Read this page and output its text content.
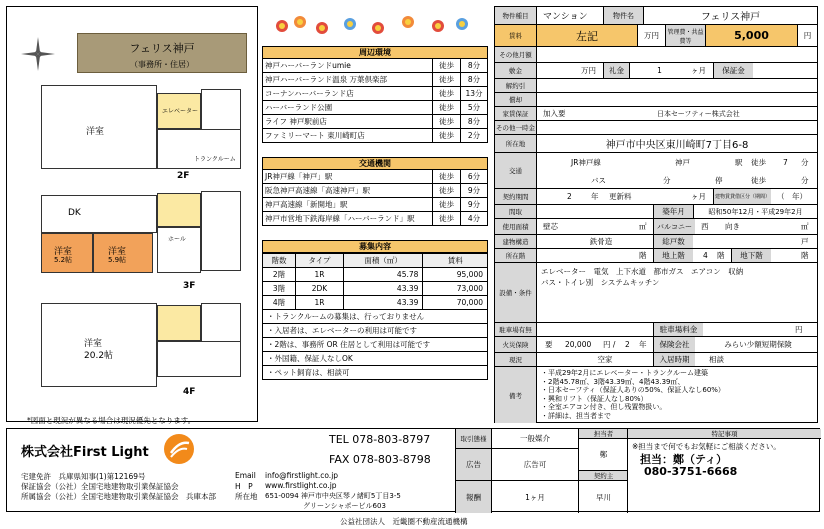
フェリス神戸
（事務所・住居）
洋室
エレベーター
トランクルーム
2F
DK
洋室
5.2帖
洋室
5.9帖
ホール
3F
洋室
20.2帖
4F
*図面と現況が異なる場合は現況優先となります。
周辺環境
神戸ハーバーランドumie	徒歩	8分
神戸ハーバーランド温泉 万葉倶楽部	徒歩	8分
コーナンハーバーランド店	徒歩	13分
ハーバーランド公園	徒歩	5分
ライフ 神戸駅前店	徒歩	8分
ファミリーマート 東川崎町店	徒歩	2分
交通機関
JR神戸線「神戸」駅	徒歩	6分
阪急神戸高速線「高速神戸」駅	徒歩	9分
神戸高速線「新開地」駅	徒歩	9分
神戸市営地下鉄海岸線「ハーバーランド」駅	徒歩	4分
募集内容
階数	タイプ	面積（㎡）	賃料
2階	1R	45.78	95,000
3階	2DK	43.39	73,000
4階	1R	43.39	70,000
・トランクルームの募集は、行っておりません
・入居者は、エレベーターの利用は可能です
・2階は、事務所 OR 住居として利用は可能です
・外国籍、保証人なしOK
・ペット飼育は、相談可
物件種目	マンション	物件名	フェリス神戸
賃料	左記	万円	管理費・共益費等	5,000	円
その他月額
敷金	万円	礼金	1	ヶ月	保証金
解約引
償却
家賃保証	加入要	日本セーフティー株式会社
その他一時金
所在地	神戸市中央区東川崎町7丁目6-8
交通
JR神戸線	神戸	駅	徒歩	7	分
バス	分	停	徒歩	分
契約期間	2	年	更新料	ヶ月	建物賃貸借区分（期間） （　年）
間取	築年月	昭和50年12月・平成29年2月
使用面積	壁芯	㎡	バルコニー	西	向き	㎡
建物構造	鉄骨造	総戸数	戸
所在階	階	地上階	4	階	地下階	階
設備・条件
エレベーター　電気　上下水道　都市ガス　エアコン　収納
バス・トイレ別　システムキッチン
駐車場有無	駐車場料金	円
火災保険	要	20,000	円 /	2	年	保険会社	みらい少額短期保険
現況	空家	入居時期	相談
備考
・平成29年2月にエレベーター・トランクルーム建築
・2階45.78㎡、3階43.39㎡、4階43.39㎡、
・日本セーフティ（保証人ありの50%、保証人なし60%）
・興和リフト（保証人なし80%）
・全室エアコン付き、但し残置物扱い。
・詳細は、担当者まで
株式会社First Light
宅建免許　兵庫県知事(1)第12169号
保証協会（公社）全国宅地建物取引業保証協会
所属協会（公社）全国宅地建物取引業保証協会　兵庫本部
TEL 078-803-8797
FAX 078-803-8798
Email info@firstlight.co.jp
H　P www.firstlight.co.jp
所在地 651-0094 神戸市中央区琴ノ緒町5丁目3-5
グリーンシャポービル603
取引態様	一般媒介
広告	広告可
報酬	1ヶ月
担当者
鄭
契約主
早川
特記事項
※担当まで何でもお気軽にご相談ください。
担当：鄭（ティ）
080-3751-6668
公益社団法人　近畿圏不動産流通機構
